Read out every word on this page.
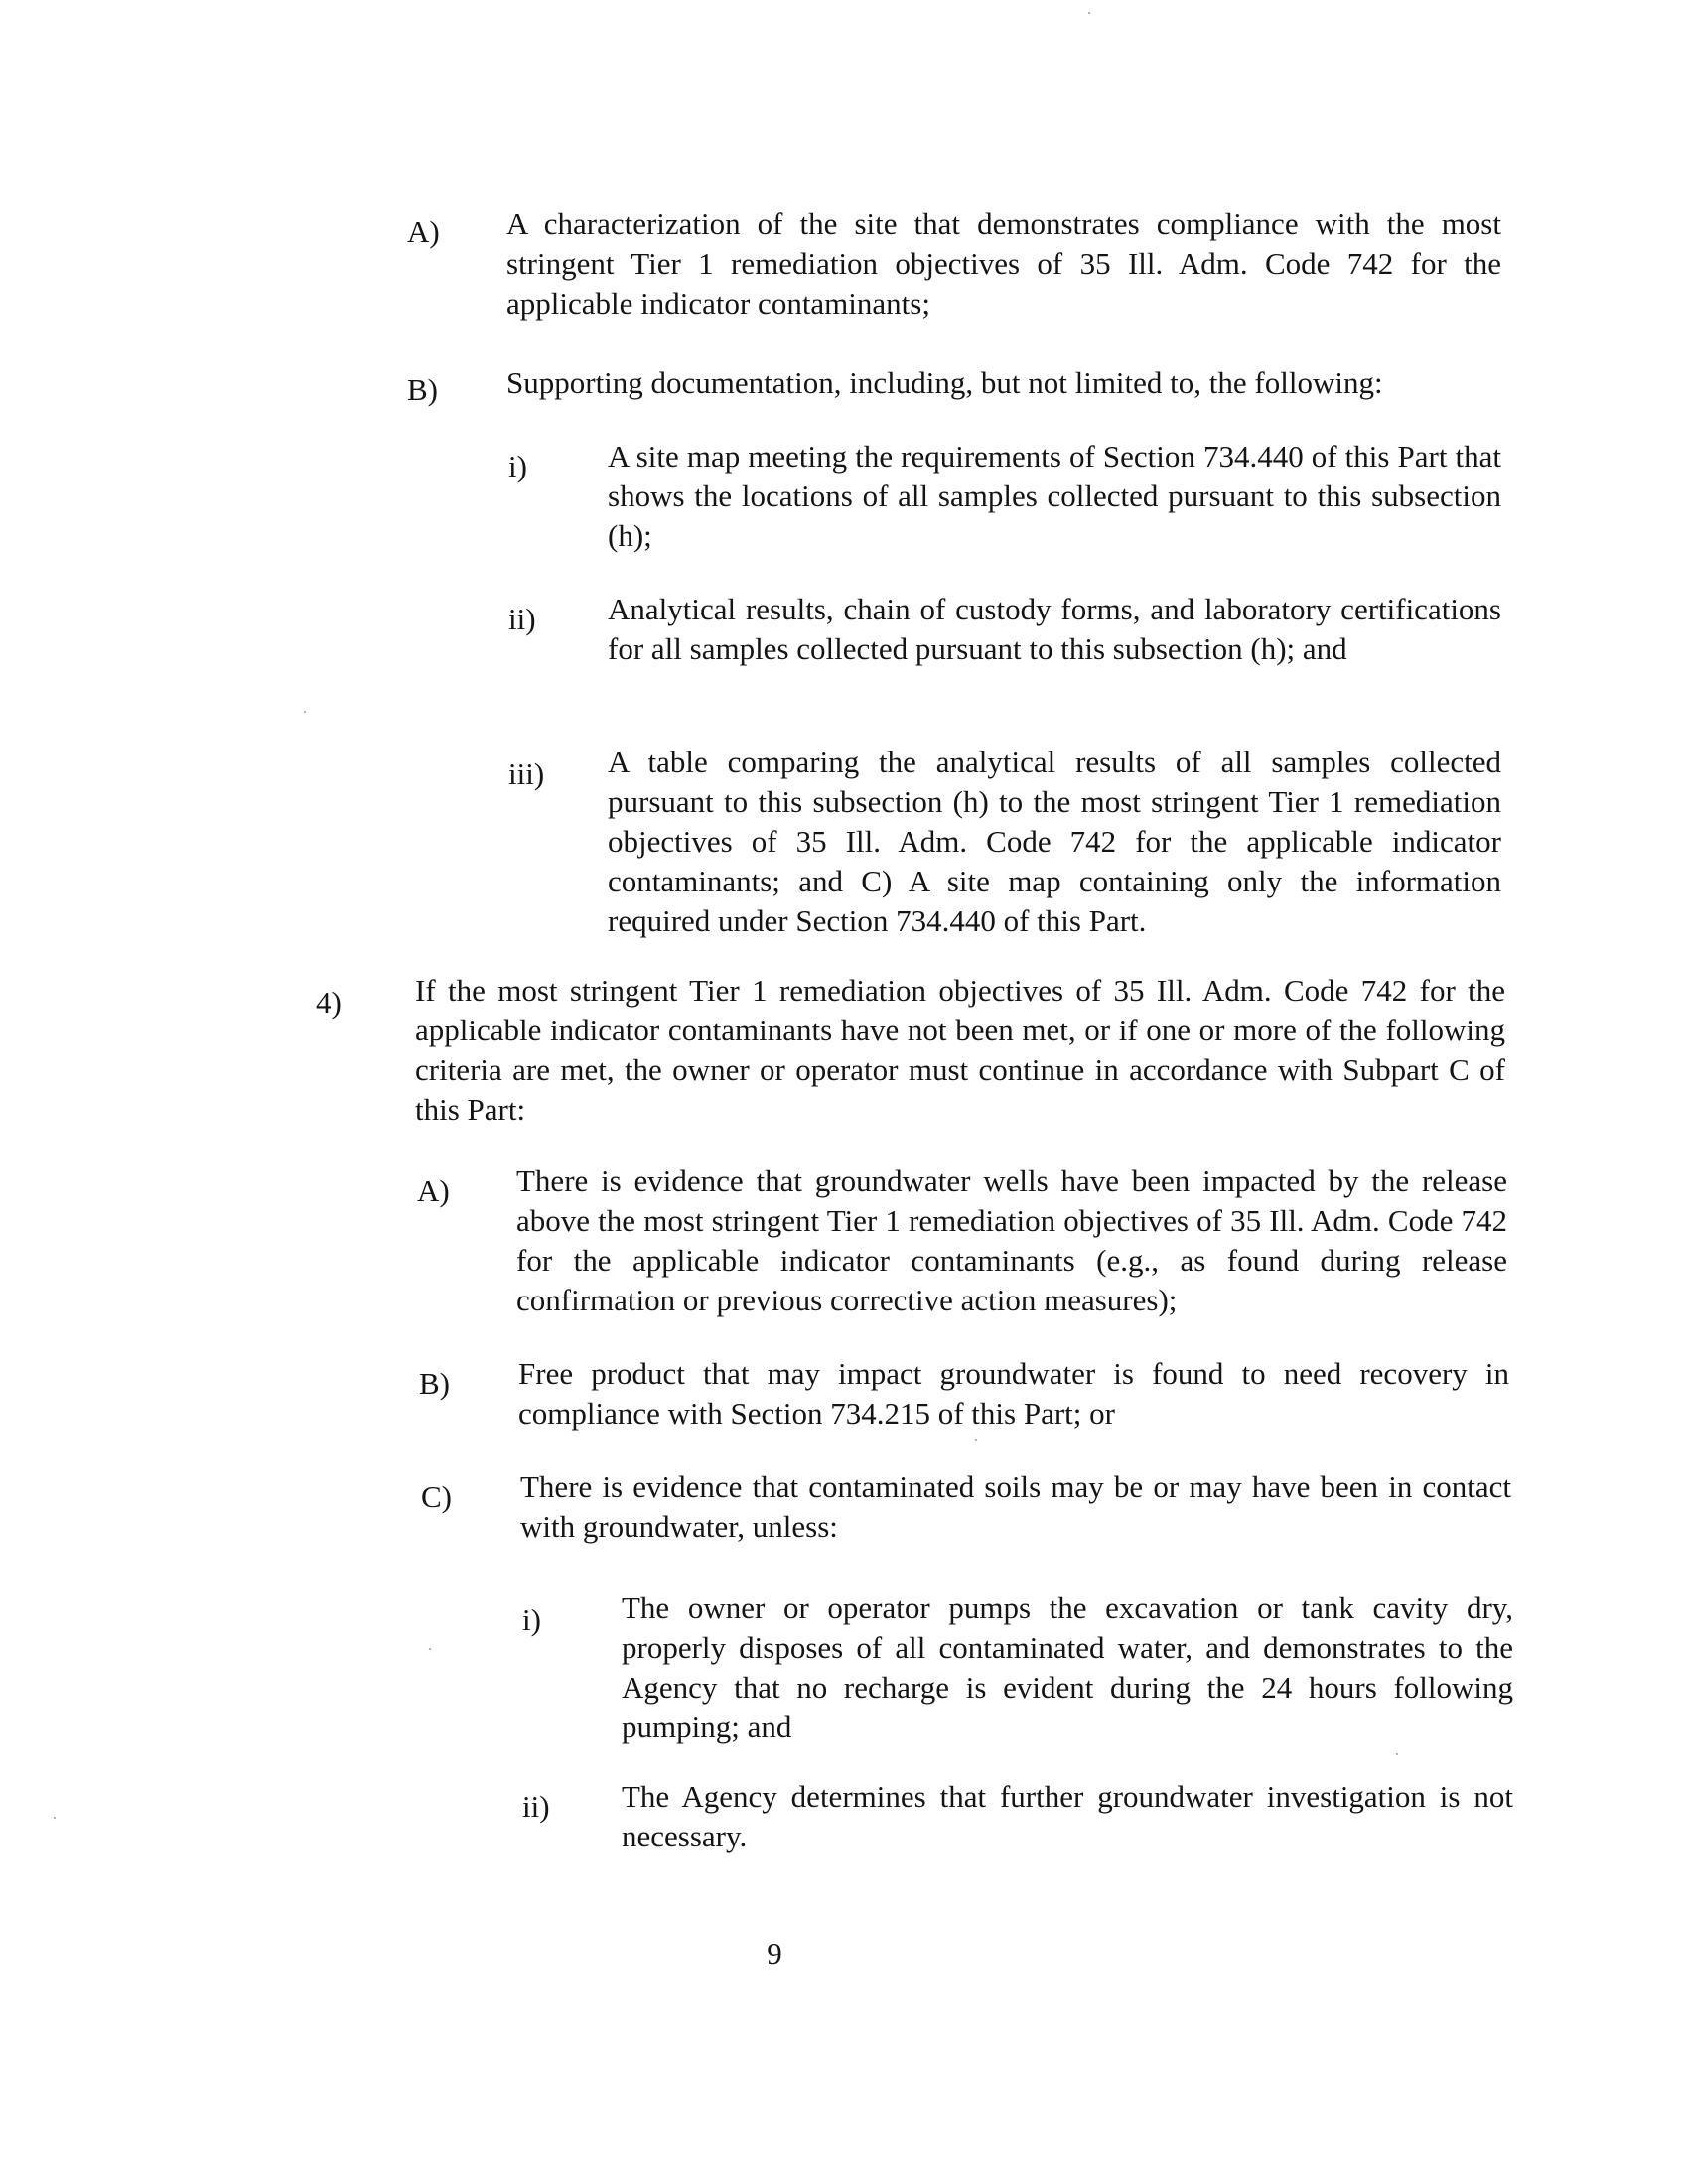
A) A characterization of the site that demonstrates compliance with the most stringent Tier 1 remediation objectives of 35 Ill. Adm. Code 742 for the applicable indicator contaminants;
B) Supporting documentation, including, but not limited to, the following:
i)	A site map meeting the requirements of Section 734.440 of this Part that shows the locations of all samples collected pursuant to this subsection (h);
ii) Analytical results, chain of custody forms, and laboratory certifications for all samples collected pursuant to this subsection (h); and
iii) A table comparing the analytical results of all samples collected pursuant to this subsection (h) to the most stringent Tier 1 remediation objectives of 35 Ill. Adm. Code 742 for the applicable indicator contaminants; and C) A site map containing only the information required under Section 734.440 of this Part.
4) If the most stringent Tier 1 remediation objectives of 35 Ill. Adm. Code 742 for the applicable indicator contaminants have not been met, or if one or more of the following criteria are met, the owner or operator must continue in accordance with Subpart C of this Part:
A) There is evidence that groundwater wells have been impacted by the release above the most stringent Tier 1 remediation objectives of 35 Ill. Adm. Code 742 for the applicable indicator contaminants (e.g., as found during release confirmation or previous corrective action measures);
B) Free product that may impact groundwater is found to need recovery in compliance with Section 734.215 of this Part; or
C) There is evidence that contaminated soils may be or may have been in contact with groundwater, unless:
i)	The owner or operator pumps the excavation or tank cavity dry, properly disposes of all contaminated water, and demonstrates to the Agency that no recharge is evident during the 24 hours following pumping; and
ii) The Agency determines that further groundwater investigation is not necessary.
9
